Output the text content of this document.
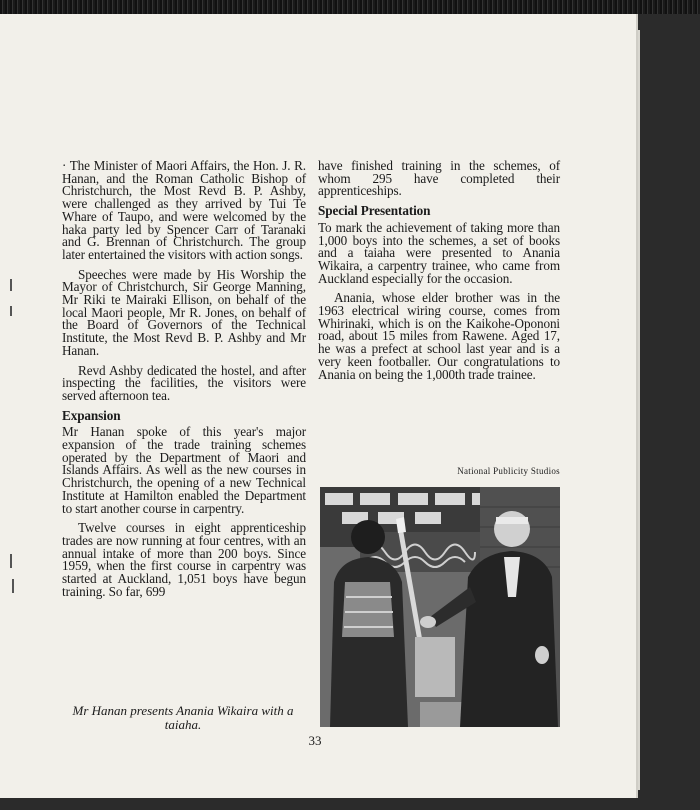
· The Minister of Maori Affairs, the Hon. J. R. Hanan, and the Roman Catholic Bishop of Christchurch, the Most Revd B. P. Ashby, were challenged as they arrived by Tui Te Whare of Taupo, and were welcomed by the haka party led by Spencer Carr of Taranaki and G. Brennan of Christchurch. The group later entertained the visitors with action songs.

Speeches were made by His Worship the Mayor of Christchurch, Sir George Manning, Mr Riki te Mairaki Ellison, on behalf of the local Maori people, Mr R. Jones, on behalf of the Board of Governors of the Technical Institute, the Most Revd B. P. Ashby and Mr Hanan.

Revd Ashby dedicated the hostel, and after inspecting the facilities, the visitors were served afternoon tea.

Expansion

Mr Hanan spoke of this year's major expansion of the trade training schemes operated by the Department of Maori and Islands Affairs. As well as the new courses in Christchurch, the opening of a new Technical Institute at Hamilton enabled the Department to start another course in carpentry.

Twelve courses in eight apprenticeship trades are now running at four centres, with an annual intake of more than 200 boys. Since 1959, when the first course in carpentry was started at Auckland, 1,051 boys have begun training. So far, 699

have finished training in the schemes, of whom 295 have completed their apprenticeships.

Special Presentation

To mark the achievement of taking more than 1,000 boys into the schemes, a set of books and a taiaha were presented to Anania Wikaira, a carpentry trainee, who came from Auckland especially for the occasion.

Anania, whose elder brother was in the 1963 electrical wiring course, comes from Whirinaki, which is on the Kaikohe-Opononi road, about 15 miles from Rawene. Aged 17, he was a prefect at school last year and is a very keen footballer. Our congratulations to Anania on being the 1,000th trade trainee.

National Publicity Studios
Mr Hanan presents Anania Wikaira with a taiaha.
33
